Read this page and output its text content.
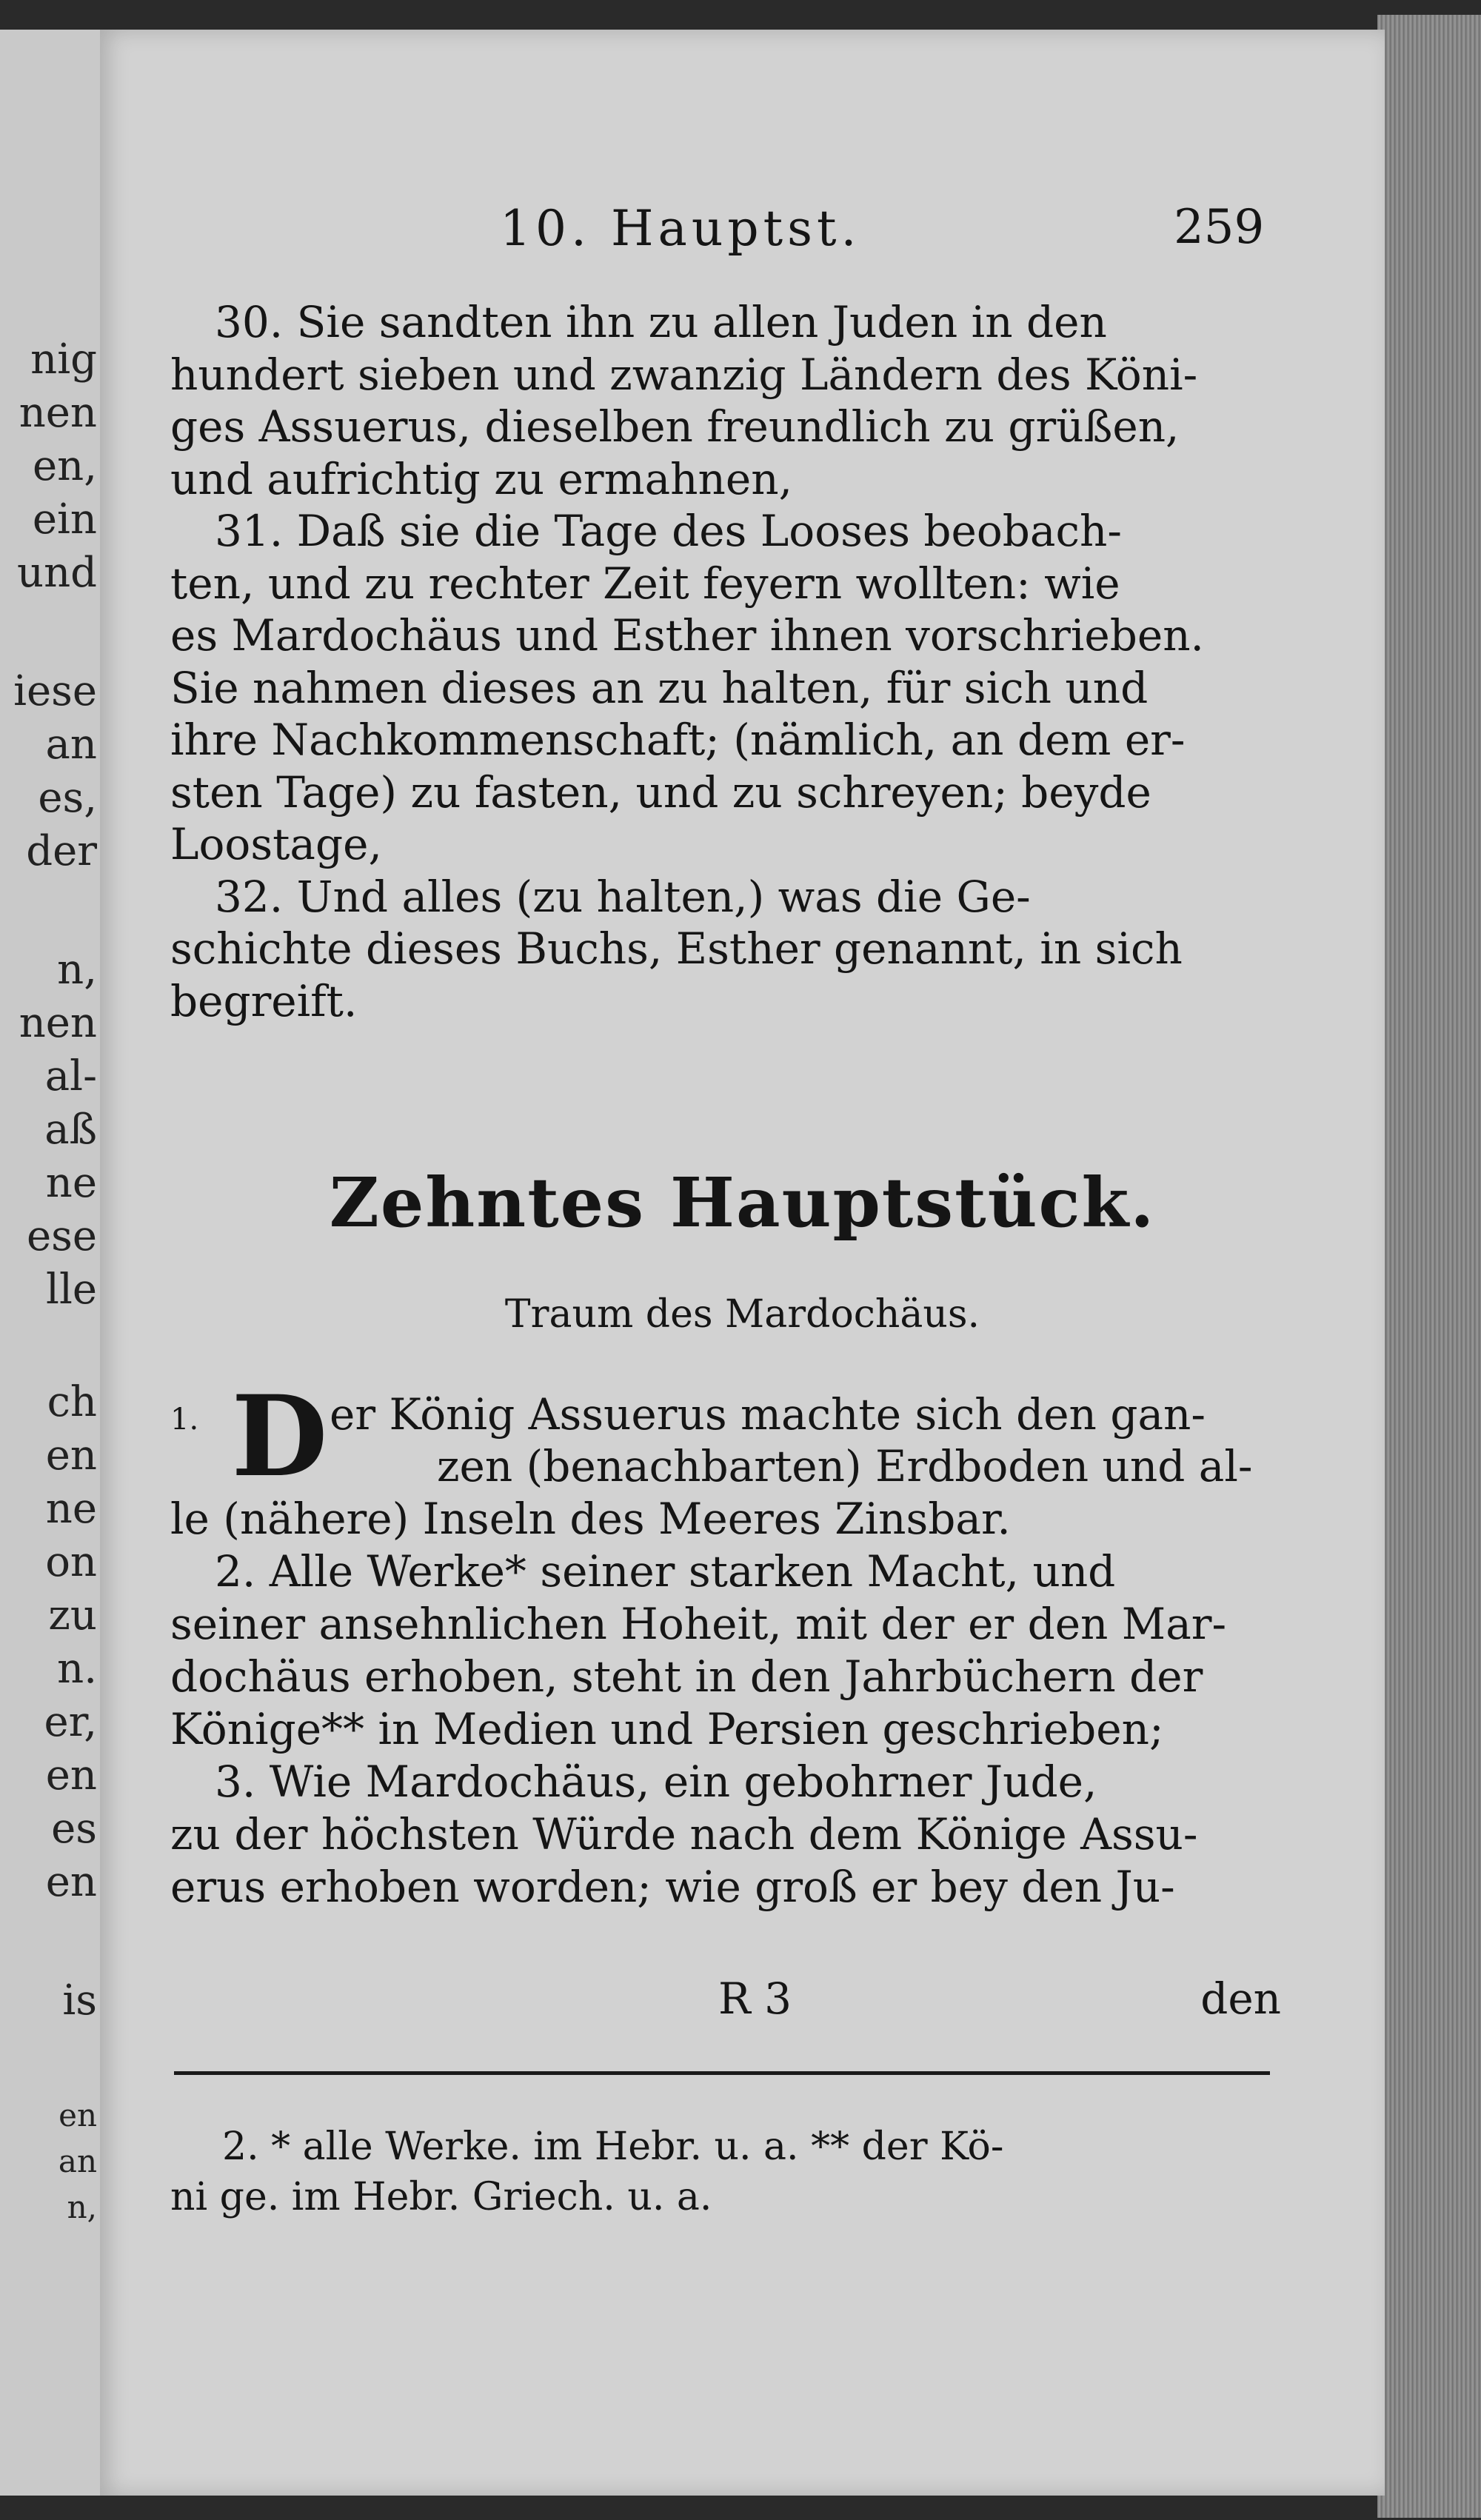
nig
nen
en,
ein
und
iese
an
es,
der
n,
nen
al-
aß
ne
ese
lle
ch
en
ne
on
zu
n.
er,
en
es
en
is
en
an
n,
10. Hauptst.	259
30. Sie sandten ihn zu allen Juden in den
hundert sieben und zwanzig Ländern des Köni-
ges Assuerus, dieselben freundlich zu grüßen,
und aufrichtig zu ermahnen,
31. Daß sie die Tage des Looses beobach-
ten, und zu rechter Zeit feyern wollten: wie
es Mardochäus und Esther ihnen vorschrieben.
Sie nahmen dieses an zu halten, für sich und
ihre Nachkommenschaft; (nämlich, an dem er-
sten Tage) zu fasten, und zu schreyen; beyde
Loostage,
32. Und alles (zu halten,) was die Ge-
schichte dieses Buchs, Esther genannt, in sich
begreift.
Zehntes Hauptstück.
Traum des Mardochäus.
1. Der König Assuerus machte sich den gan-
zen (benachbarten) Erdboden und al-
le (nähere) Inseln des Meeres Zinsbar.
2. Alle Werke* seiner starken Macht, und
seiner ansehnlichen Hoheit, mit der er den Mar-
dochäus erhoben, steht in den Jahrbüchern der
Könige** in Medien und Persien geschrieben;
3. Wie Mardochäus, ein gebohrner Jude,
zu der höchsten Würde nach dem Könige Assu-
erus erhoben worden; wie groß er bey den Ju-
R 3	den
2. * alle Werke. im Hebr. u. a. ** der Kö-
ni ge. im Hebr. Griech. u. a.
